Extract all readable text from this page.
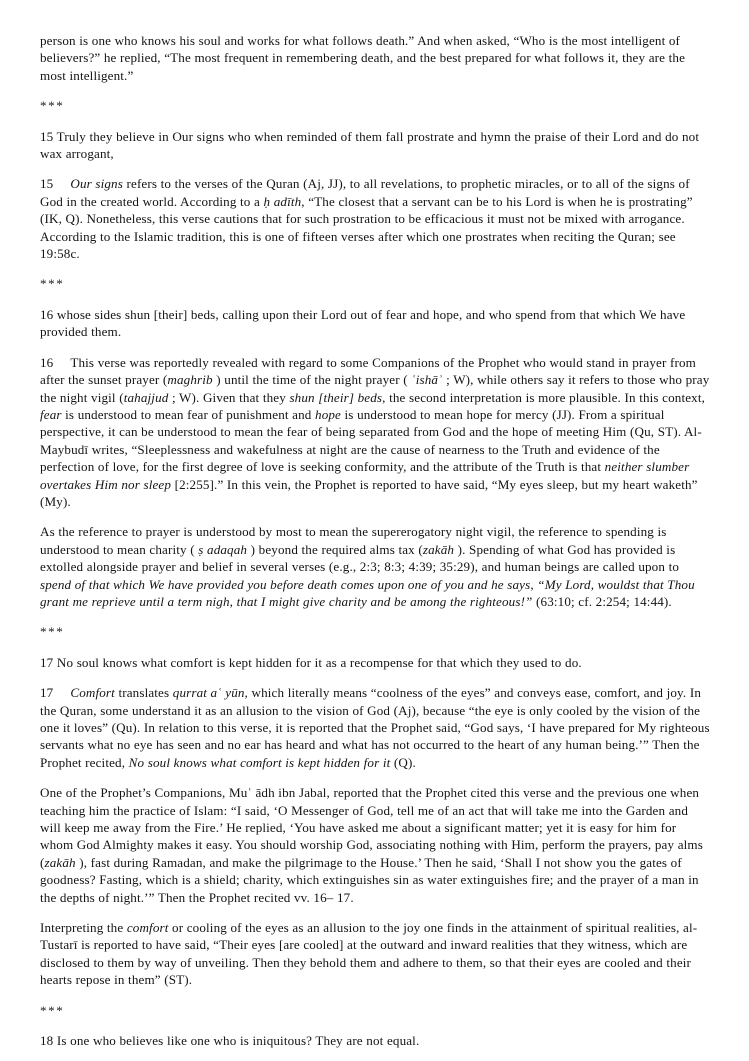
person is one who knows his soul and works for what follows death.” And when asked, “Who is the most intelligent of believers?” he replied, “The most frequent in remembering death, and the best prepared for what follows it, they are the most intelligent.”

***

15 Truly they believe in Our signs who when reminded of them fall prostrate and hymn the praise of their Lord and do not wax arrogant,

15 Our signs refers to the verses of the Quran (Aj, JJ), to all revelations, to prophetic miracles, or to all of the signs of God in the created world. According to a ḥ adīth, “The closest that a servant can be to his Lord is when he is prostrating” (IK, Q). Nonetheless, this verse cautions that for such prostration to be efficacious it must not be mixed with arrogance. According to the Islamic tradition, this is one of fifteen verses after which one prostrates when reciting the Quran; see 19:58c.

***

16 whose sides shun [their] beds, calling upon their Lord out of fear and hope, and who spend from that which We have provided them.

16 This verse was reportedly revealed with regard to some Companions of the Prophet who would stand in prayer from after the sunset prayer (maghrib ) until the time of the night prayer ( ʿishāʾ ; W), while others say it refers to those who pray the night vigil (tahajjud ; W). Given that they shun [their] beds, the second interpretation is more plausible. In this context, fear is understood to mean fear of punishment and hope is understood to mean hope for mercy (JJ). From a spiritual perspective, it can be understood to mean the fear of being separated from God and the hope of meeting Him (Qu, ST). Al-Maybudī writes, “Sleeplessness and wakefulness at night are the cause of nearness to the Truth and evidence of the perfection of love, for the first degree of love is seeking conformity, and the attribute of the Truth is that neither slumber overtakes Him nor sleep [2:255].” In this vein, the Prophet is reported to have said, “My eyes sleep, but my heart waketh” (My).

As the reference to prayer is understood by most to mean the supererogatory night vigil, the reference to spending is understood to mean charity ( ṣ adaqah ) beyond the required alms tax (zakāh ). Spending of what God has provided is extolled alongside prayer and belief in several verses (e.g., 2:3; 8:3; 4:39; 35:29), and human beings are called upon to spend of that which We have provided you before death comes upon one of you and he says, “My Lord, wouldst that Thou grant me reprieve until a term nigh, that I might give charity and be among the righteous!” (63:10; cf. 2:254; 14:44).

***

17 No soul knows what comfort is kept hidden for it as a recompense for that which they used to do.

17 Comfort translates qurrat aʿ yūn, which literally means “coolness of the eyes” and conveys ease, comfort, and joy. In the Quran, some understand it as an allusion to the vision of God (Aj), because “the eye is only cooled by the vision of the one it loves” (Qu). In relation to this verse, it is reported that the Prophet said, “God says, ‘I have prepared for My righteous servants what no eye has seen and no ear has heard and what has not occurred to the heart of any human being.’” Then the Prophet recited, No soul knows what comfort is kept hidden for it (Q).

One of the Prophet’s Companions, Muʿ ādh ibn Jabal, reported that the Prophet cited this verse and the previous one when teaching him the practice of Islam: “I said, ‘O Messenger of God, tell me of an act that will take me into the Garden and will keep me away from the Fire.’ He replied, ‘You have asked me about a significant matter; yet it is easy for him for whom God Almighty makes it easy. You should worship God, associating nothing with Him, perform the prayers, pay alms (zakāh ), fast during Ramadan, and make the pilgrimage to the House.’ Then he said, ‘Shall I not show you the gates of goodness? Fasting, which is a shield; charity, which extinguishes sin as water extinguishes fire; and the prayer of a man in the depths of night.’” Then the Prophet recited vv. 16– 17.

Interpreting the comfort or cooling of the eyes as an allusion to the joy one finds in the attainment of spiritual realities, al-Tustarī is reported to have said, “Their eyes [are cooled] at the outward and inward realities that they witness, which are disclosed to them by way of unveiling. Then they behold them and adhere to them, so that their eyes are cooled and their hearts repose in them” (ST).

***

18 Is one who believes like one who is iniquitous? They are not equal.
